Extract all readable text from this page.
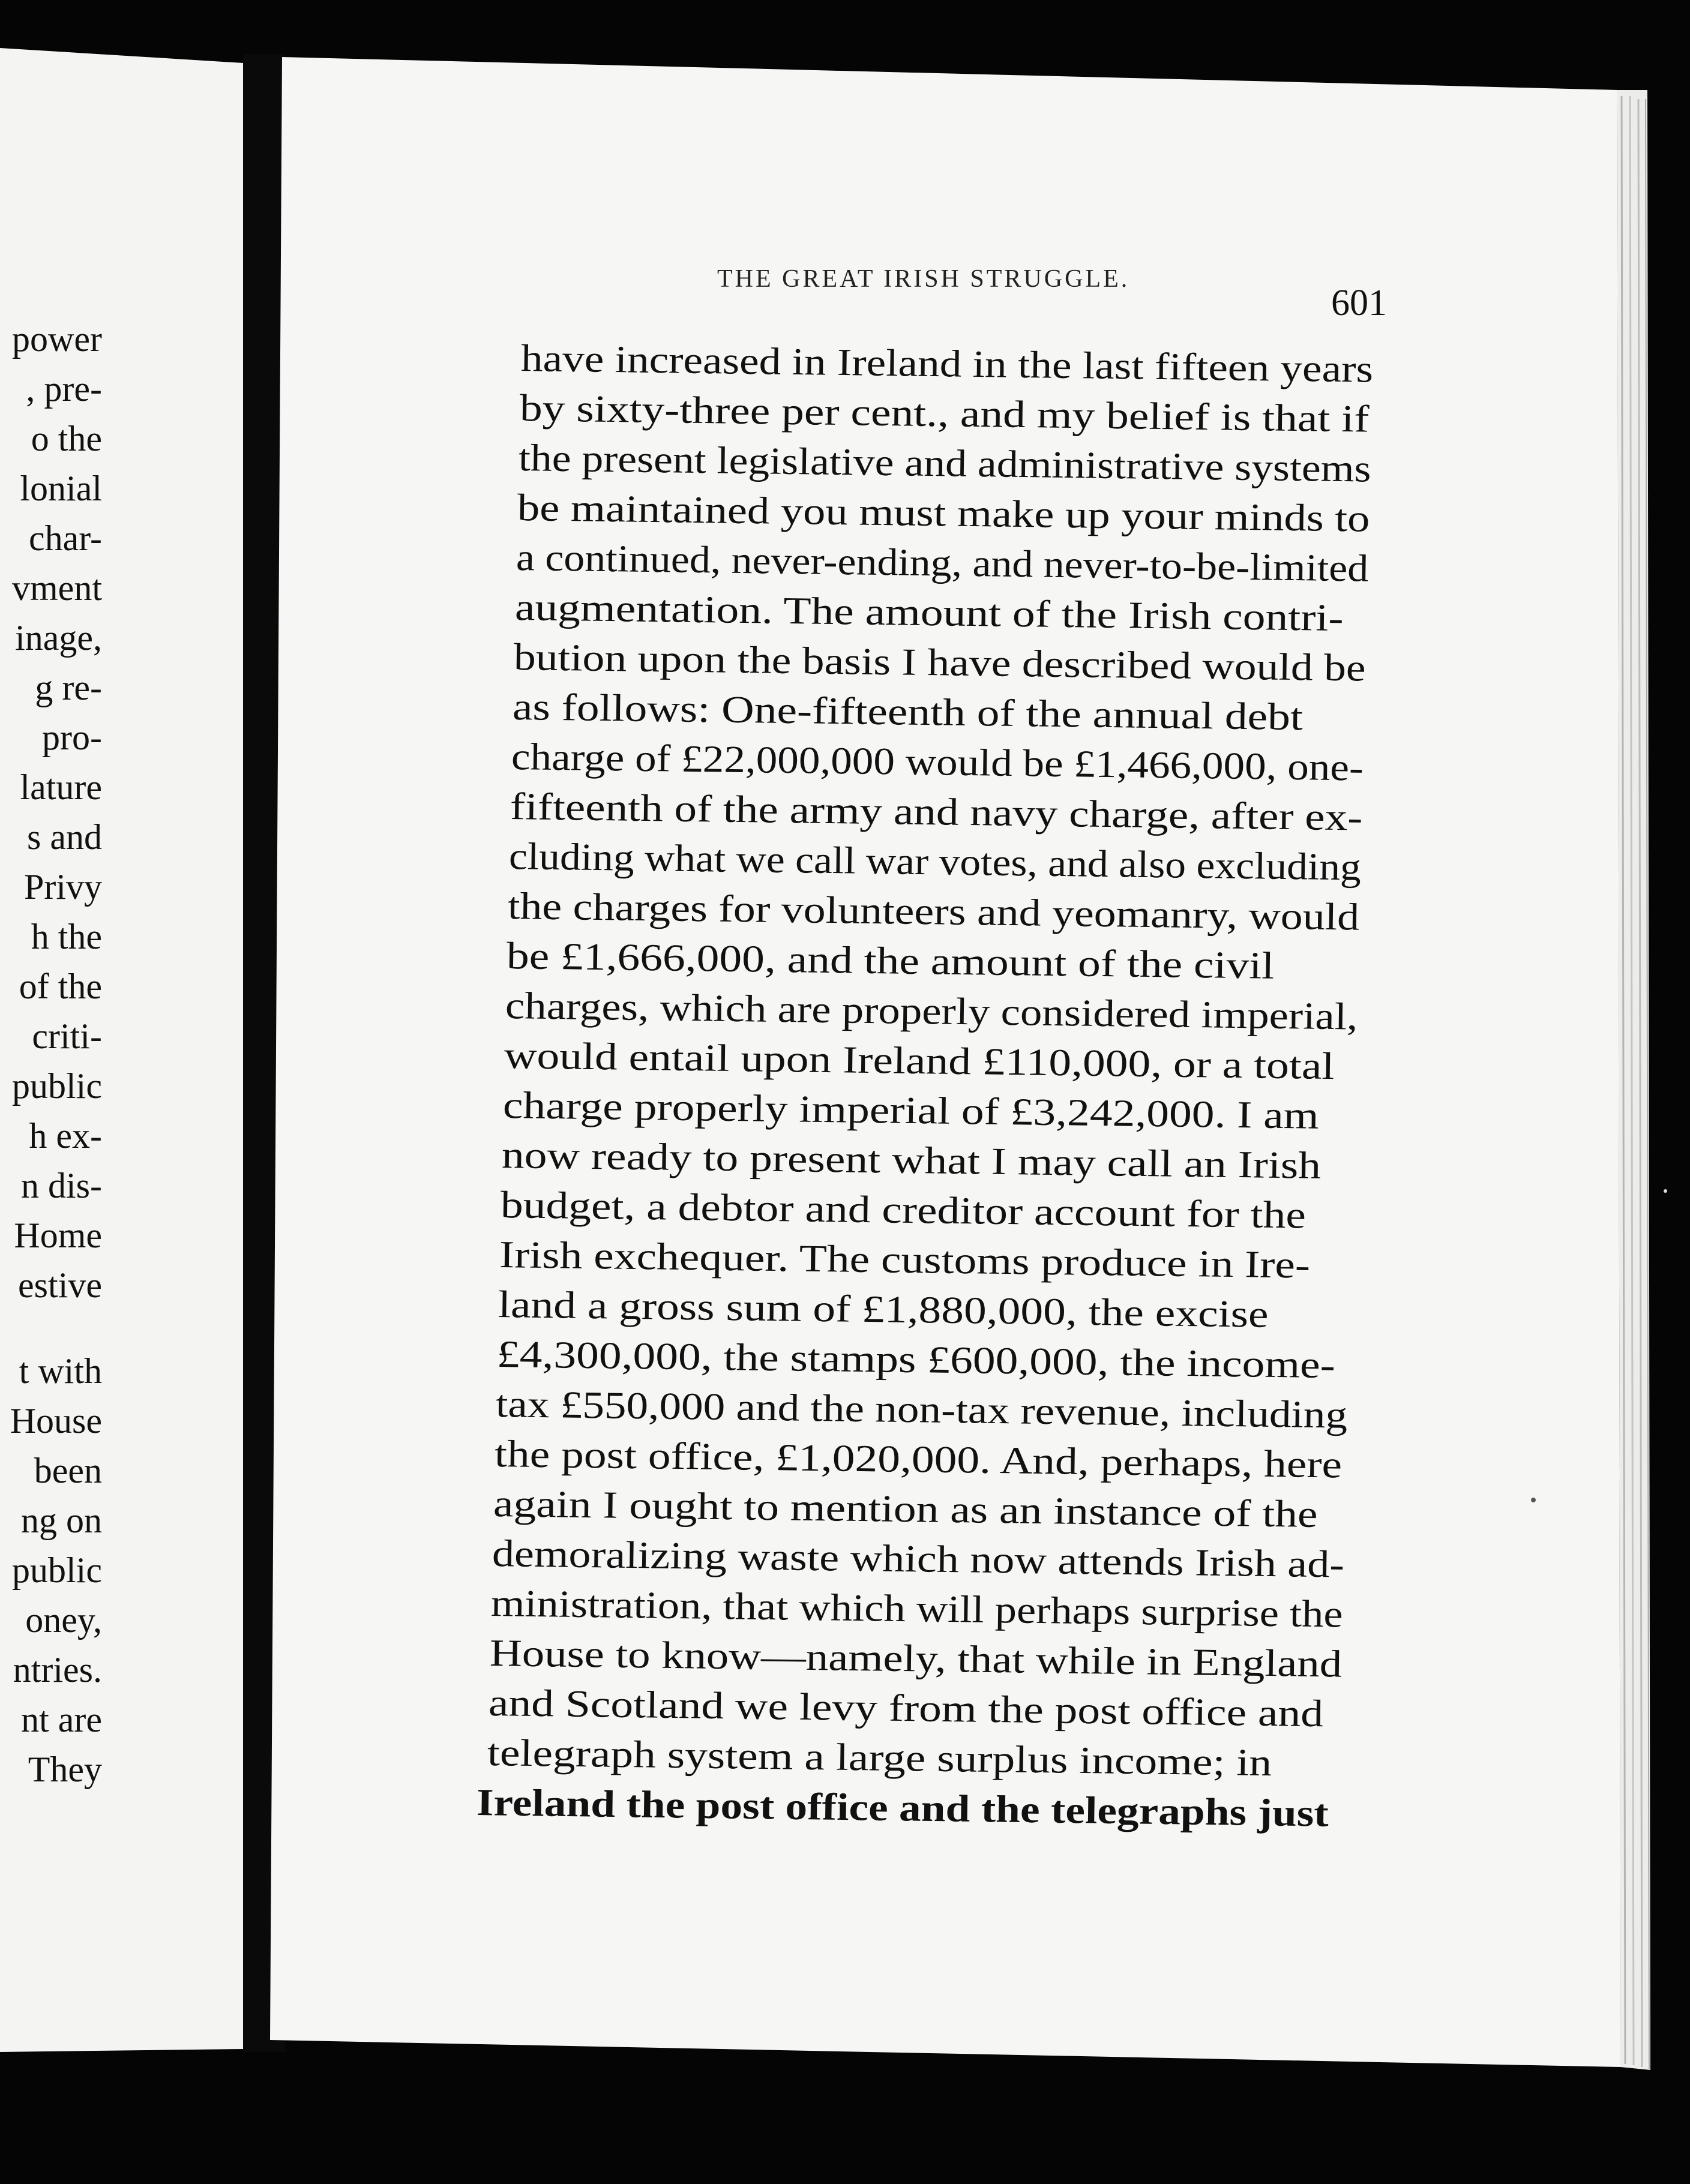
power
, pre-
o the
lonial
char-
vment
inage,
g re-
pro-
lature
s and
Privy
h the
of the
criti-
public
h ex-
n dis-
Home
estive
t with
House
been
ng on
public
oney,
ntries.
nt are
They
THE GREAT IRISH STRUGGLE.
601
have increased in Ireland in the last fifteen years
by sixty-three per cent., and my belief is that if
the present legislative and administrative systems
be maintained you must make up your minds to
a continued, never-ending, and never-to-be-limited
augmentation. The amount of the Irish contri-
bution upon the basis I have described would be
as follows: One-fifteenth of the annual debt
charge of £22,000,000 would be £1,466,000, one-
fifteenth of the army and navy charge, after ex-
cluding what we call war votes, and also excluding
the charges for volunteers and yeomanry, would
be £1,666,000, and the amount of the civil
charges, which are properly considered imperial,
would entail upon Ireland £110,000, or a total
charge properly imperial of £3,242,000. I am
now ready to present what I may call an Irish
budget, a debtor and creditor account for the
Irish exchequer. The customs produce in Ire-
land a gross sum of £1,880,000, the excise
£4,300,000, the stamps £600,000, the income-
tax £550,000 and the non-tax revenue, including
the post office, £1,020,000. And, perhaps, here
again I ought to mention as an instance of the
demoralizing waste which now attends Irish ad-
ministration, that which will perhaps surprise the
House to know—namely, that while in England
and Scotland we levy from the post office and
telegraph system a large surplus income; in
Ireland the post office and the telegraphs just
